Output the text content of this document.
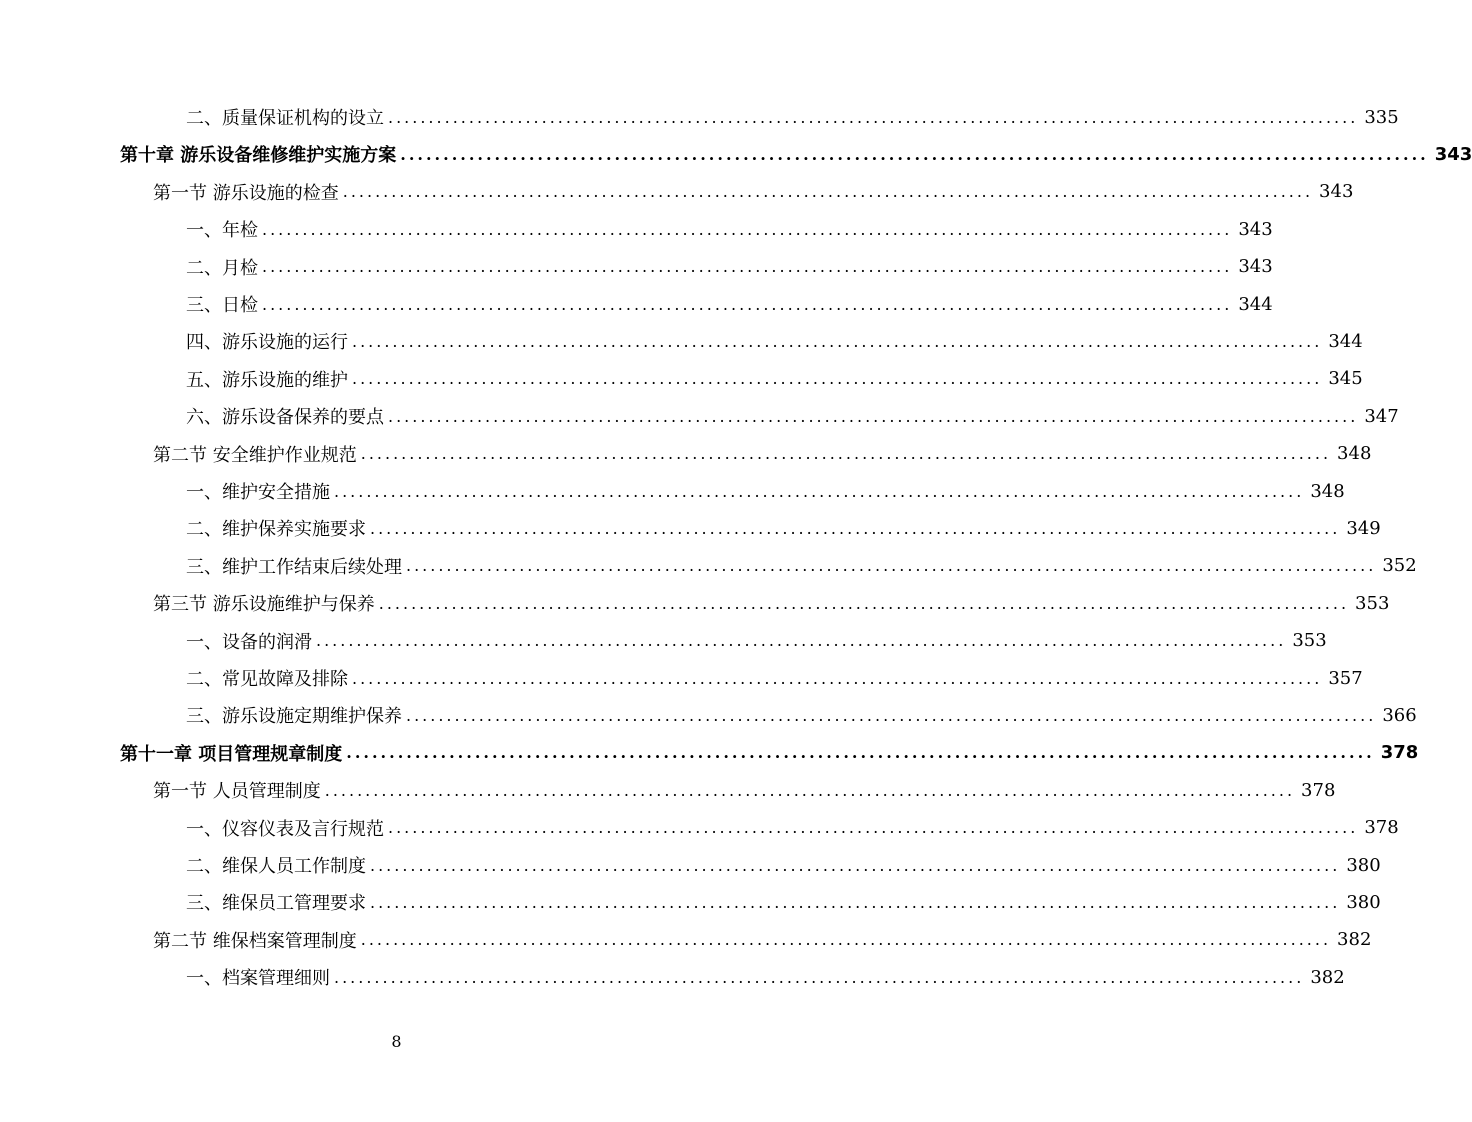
二、质量保证机构的设立 ........................................................................................................................ 335
第十章 游乐设备维修维护实施方案 ........................................................................................................................ 343
第一节 游乐设施的检查 ........................................................................................................................ 343
一、年检 ........................................................................................................................ 343
二、月检 ........................................................................................................................ 343
三、日检 ........................................................................................................................ 344
四、游乐设施的运行 ........................................................................................................................ 344
五、游乐设施的维护 ........................................................................................................................ 345
六、游乐设备保养的要点 ........................................................................................................................ 347
第二节 安全维护作业规范 ........................................................................................................................ 348
一、维护安全措施 ........................................................................................................................ 348
二、维护保养实施要求 ........................................................................................................................ 349
三、维护工作结束后续处理 ........................................................................................................................ 352
第三节 游乐设施维护与保养 ........................................................................................................................ 353
一、设备的润滑 ........................................................................................................................ 353
二、常见故障及排除 ........................................................................................................................ 357
三、游乐设施定期维护保养 ........................................................................................................................ 366
第十一章 项目管理规章制度 ........................................................................................................................ 378
第一节 人员管理制度 ........................................................................................................................ 378
一、仪容仪表及言行规范 ........................................................................................................................ 378
二、维保人员工作制度 ........................................................................................................................ 380
三、维保员工管理要求 ........................................................................................................................ 380
第二节 维保档案管理制度 ........................................................................................................................ 382
一、档案管理细则 ........................................................................................................................ 382
8
